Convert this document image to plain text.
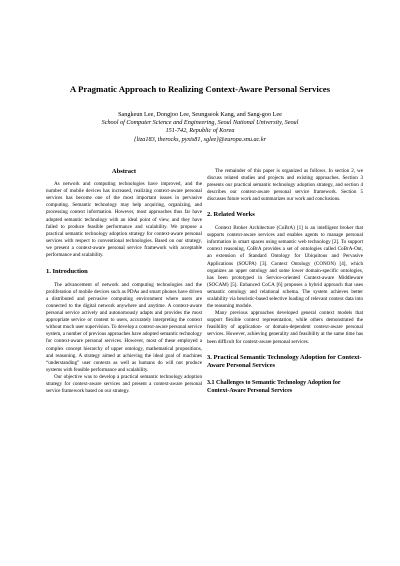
A Pragmatic Approach to Realizing Context-Aware Personal Services
Sangkeun Lee, Dongjoo Lee, Seungseok Kang, and Sang-goo Lee
School of Computer Science and Engineering, Seoul National University, Seoul
151-742, Republic of Korea
{liza183, therocks, pyxis81, sglee}@europa.snu.ac.kr
Abstract

As network and computing technologies have improved, and the number of mobile devices has increased, realizing context-aware personal services has become one of the most important issues in pervasive computing. Semantic technology may help acquiring, organizing, and processing context information. However, most approaches thus far have adopted semantic technology with an ideal point of view, and they have failed to produce feasible performance and scalability. We propose a practical semantic technology adoption strategy for context-aware personal services with respect to conventional technologies. Based on our strategy, we present a context-aware personal service framework with acceptable performance and scalability.

1. Introduction

The advancement of network and computing technologies and the proliferation of mobile devices such as PDAs and smart phones have driven a distributed and pervasive computing environment where users are connected to the digital network anywhere and anytime. A context-aware personal service actively and autonomously adapts and provides the most appropriate service or content to users, accurately interpreting the context without much user supervision. To develop a context-aware personal service system, a number of previous approaches have adopted semantic technology for context-aware personal services. However, most of these employed a complex concept hierarchy of upper ontology, mathematical propositions, and reasoning. A strategy aimed at achieving the ideal goal of machines “understanding” user contexts as well as humans do will not produce systems with feasible performance and scalability.

Our objective was to develop a practical semantic technology adoption strategy for context-aware services and present a context-aware personal service framework based on our strategy.

The remainder of this paper is organized as follows. In section 2, we discuss related studies and projects and existing approaches. Section 3 presents our practical semantic technology adoption strategy, and section 4 describes our context-aware personal service framework. Section 5 discusses future work and summarizes our work and conclusions.

2. Related Works

Context Broker Architecture (CoBrA) [1] is an intelligent broker that supports context-aware services and enables agents to manage personal information in smart spaces using semantic web technology [2]. To support context reasoning, CoBrA provides a set of ontologies called CoBrA-Ont, an extension of Standard Ontology for Ubiquitous and Pervasive Applications (SOUPA) [3]. Context Ontology (CONON) [4], which organizes an upper ontology and some lower domain-specific ontologies, has been prototyped in Service-oriented Context-aware Middleware (SOCAM) [5]. Enhanced CoCA [6] proposes a hybrid approach that uses semantic ontology and relational schema. The system achieves better scalability via heuristic-based selective loading of relevant context data into the reasoning module.

Many previous approaches developed general context models that support flexible context representation, while others demonstrated the feasibility of application- or domain-dependent context-aware personal services. However, achieving generality and feasibility at the same time has been difficult for context-aware personal services.

3. Practical Semantic Technology Adoption for Context-Aware Personal Services
3.1 Challenges to Semantic Technology Adoption for Context-Aware Personal Services
